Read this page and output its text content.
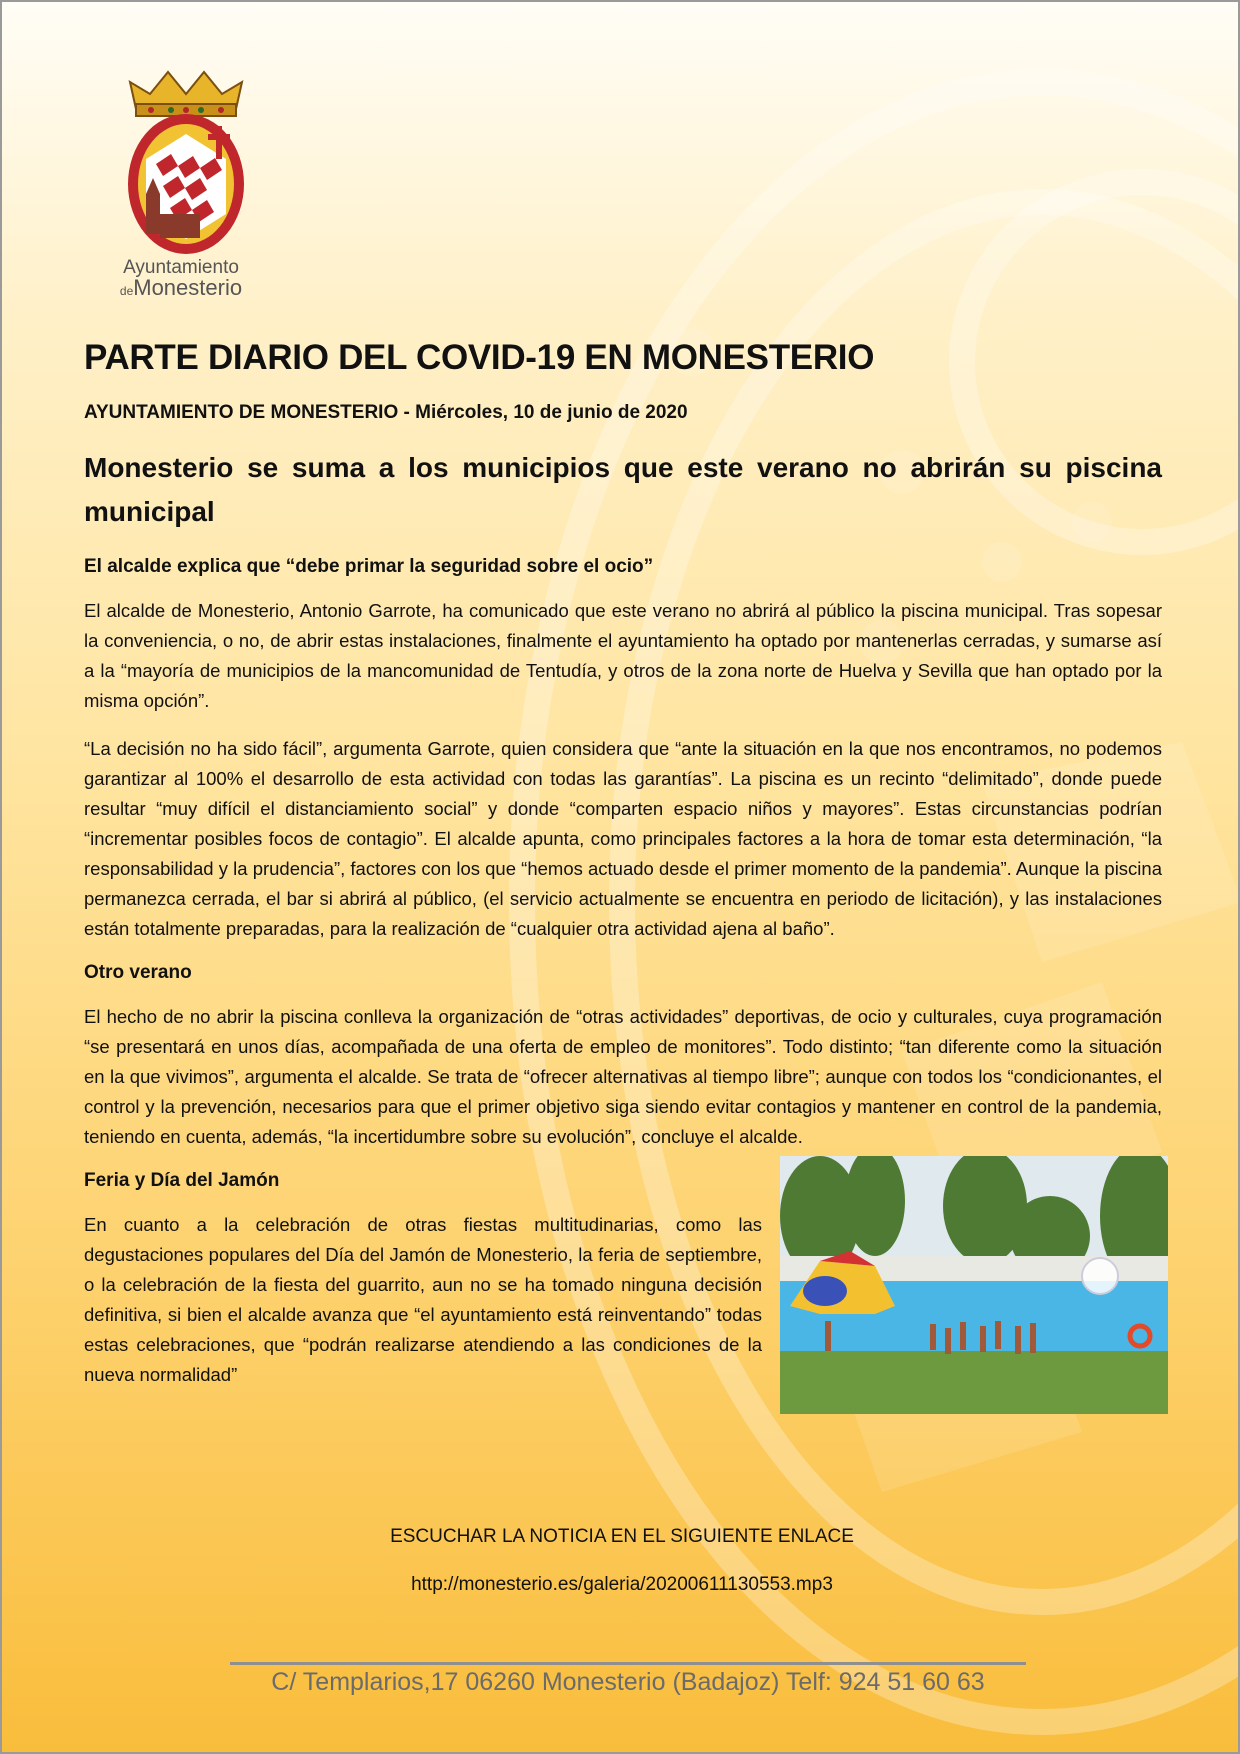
Ayuntamiento
deMonesterio
PARTE DIARIO DEL COVID-19 EN MONESTERIO
AYUNTAMIENTO DE MONESTERIO - Miércoles, 10 de junio de 2020
Monesterio se suma a los municipios que este verano no abrirán su piscina municipal
El alcalde explica que “debe primar la seguridad sobre el ocio”

El alcalde de Monesterio, Antonio Garrote, ha comunicado que este verano no abrirá al público la piscina municipal. Tras sopesar la conveniencia, o no, de abrir estas instalaciones, finalmente el ayuntamiento ha optado por mantenerlas cerradas, y sumarse así a la “mayoría de municipios de la mancomunidad de Tentudía, y otros de la zona norte de Huelva y Sevilla que han optado por la misma opción”.

“La decisión no ha sido fácil”, argumenta Garrote, quien considera que “ante la situación en la que nos encontramos, no podemos garantizar al 100% el desarrollo de esta actividad con todas las garantías”. La piscina es un recinto “delimitado”, donde puede resultar “muy difícil el distanciamiento social” y donde “comparten espacio niños y mayores”. Estas circunstancias podrían “incrementar posibles focos de contagio”. El alcalde apunta, como principales factores a la hora de tomar esta determinación, “la responsabilidad y la prudencia”, factores con los que “hemos actuado desde el primer momento de la pandemia”. Aunque la piscina permanezca cerrada, el bar si abrirá al público, (el servicio actualmente se encuentra en periodo de licitación), y las instalaciones están totalmente preparadas, para la realización de “cualquier otra actividad ajena al baño”.

Otro verano

El hecho de no abrir la piscina conlleva la organización de “otras actividades” deportivas, de ocio y culturales, cuya programación “se presentará en unos días, acompañada de una oferta de empleo de monitores”. Todo distinto; “tan diferente como la situación en la que vivimos”, argumenta el alcalde. Se trata de “ofrecer alternativas al tiempo libre”; aunque con todos los “condicionantes, el control y la prevención, necesarios para que el primer objetivo siga siendo evitar contagios y mantener en control de la pandemia, teniendo en cuenta, además, “la incertidumbre sobre su evolución”, concluye el alcalde.

Feria y Día del Jamón

En cuanto a la celebración de otras fiestas multitudinarias, como las degustaciones populares del Día del Jamón de Monesterio, la feria de septiembre, o la celebración de la fiesta del guarrito, aun no se ha tomado ninguna decisión definitiva, si bien el alcalde avanza que “el ayuntamiento está reinventando” todas estas celebraciones, que “podrán realizarse atendiendo a las condiciones de la nueva normalidad”

ESCUCHAR LA NOTICIA EN EL SIGUIENTE ENLACE
http://monesterio.es/galeria/20200611130553.mp3
C/ Templarios,17 06260 Monesterio (Badajoz) Telf: 924 51 60 63
